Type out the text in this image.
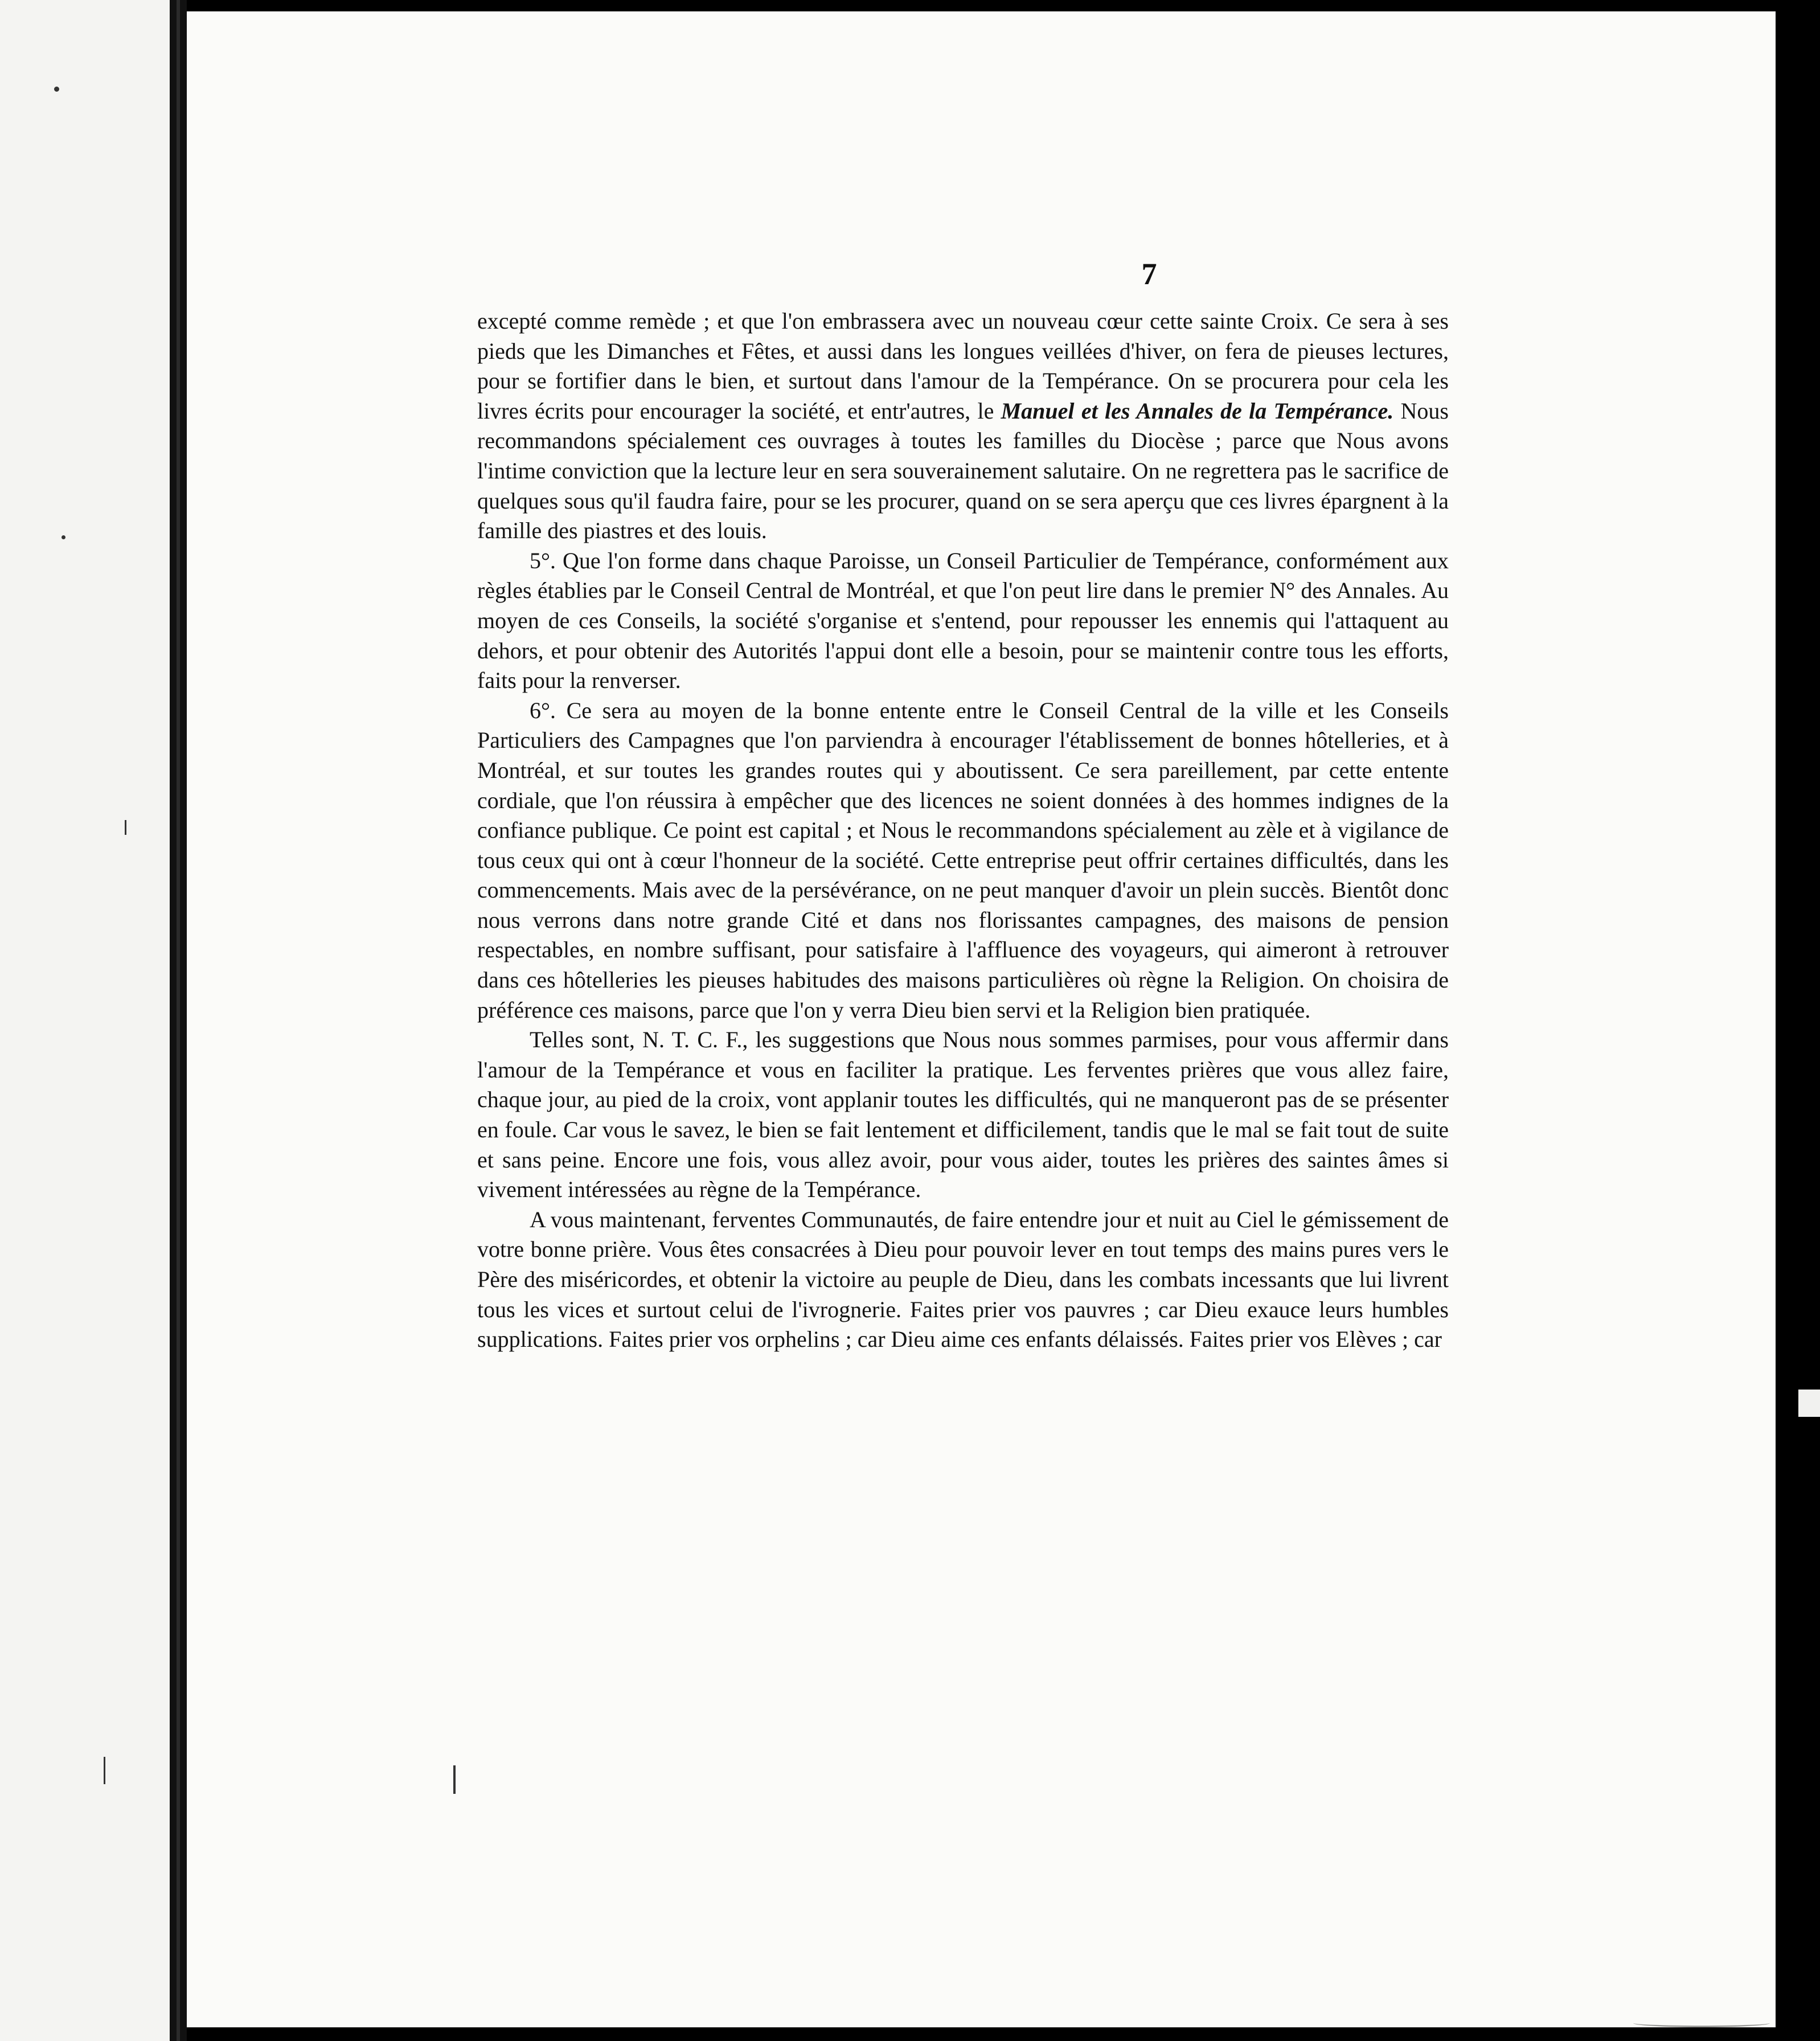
7

excepté comme remède ; et que l'on embrassera avec un nouveau cœur cette sainte Croix. Ce sera à ses pieds que les Dimanches et Fêtes, et aussi dans les longues veillées d'hiver, on fera de pieuses lectures, pour se fortifier dans le bien, et surtout dans l'amour de la Tempérance. On se procurera pour cela les livres écrits pour encourager la société, et entr'autres, le Manuel et les Annales de la Tempérance. Nous recommandons spécialement ces ouvrages à toutes les familles du Diocèse ; parce que Nous avons l'intime conviction que la lecture leur en sera souverainement salutaire. On ne regrettera pas le sacrifice de quelques sous qu'il faudra faire, pour se les procurer, quand on se sera aperçu que ces livres épargnent à la famille des piastres et des louis.

5°. Que l'on forme dans chaque Paroisse, un Conseil Particulier de Tempérance, conformément aux règles établies par le Conseil Central de Montréal, et que l'on peut lire dans le premier N° des Annales. Au moyen de ces Conseils, la société s'organise et s'entend, pour repousser les ennemis qui l'attaquent au dehors, et pour obtenir des Autorités l'appui dont elle a besoin, pour se maintenir contre tous les efforts, faits pour la renverser.

6°. Ce sera au moyen de la bonne entente entre le Conseil Central de la ville et les Conseils Particuliers des Campagnes que l'on parviendra à encourager l'établissement de bonnes hôtelleries, et à Montréal, et sur toutes les grandes routes qui y aboutissent. Ce sera pareillement, par cette entente cordiale, que l'on réussira à empêcher que des licences ne soient données à des hommes indignes de la confiance publique. Ce point est capital ; et Nous le recommandons spécialement au zèle et à vigilance de tous ceux qui ont à cœur l'honneur de la société. Cette entreprise peut offrir certaines difficultés, dans les commencements. Mais avec de la persévérance, on ne peut manquer d'avoir un plein succès. Bientôt donc nous verrons dans notre grande Cité et dans nos florissantes campagnes, des maisons de pension respectables, en nombre suffisant, pour satisfaire à l'affluence des voyageurs, qui aimeront à retrouver dans ces hôtelleries les pieuses habitudes des maisons particulières où règne la Religion. On choisira de préférence ces maisons, parce que l'on y verra Dieu bien servi et la Religion bien pratiquée.

Telles sont, N. T. C. F., les suggestions que Nous nous sommes parmises, pour vous affermir dans l'amour de la Tempérance et vous en faciliter la pratique. Les ferventes prières que vous allez faire, chaque jour, au pied de la croix, vont applanir toutes les difficultés, qui ne manqueront pas de se présenter en foule. Car vous le savez, le bien se fait lentement et difficilement, tandis que le mal se fait tout de suite et sans peine. Encore une fois, vous allez avoir, pour vous aider, toutes les prières des saintes âmes si vivement intéressées au règne de la Tempérance.

A vous maintenant, ferventes Communautés, de faire entendre jour et nuit au Ciel le gémissement de votre bonne prière. Vous êtes consacrées à Dieu pour pouvoir lever en tout temps des mains pures vers le Père des miséricordes, et obtenir la victoire au peuple de Dieu, dans les combats incessants que lui livrent tous les vices et surtout celui de l'ivrognerie. Faites prier vos pauvres ; car Dieu exauce leurs humbles supplications. Faites prier vos orphelins ; car Dieu aime ces enfants délaissés. Faites prier vos Elèves ; car
